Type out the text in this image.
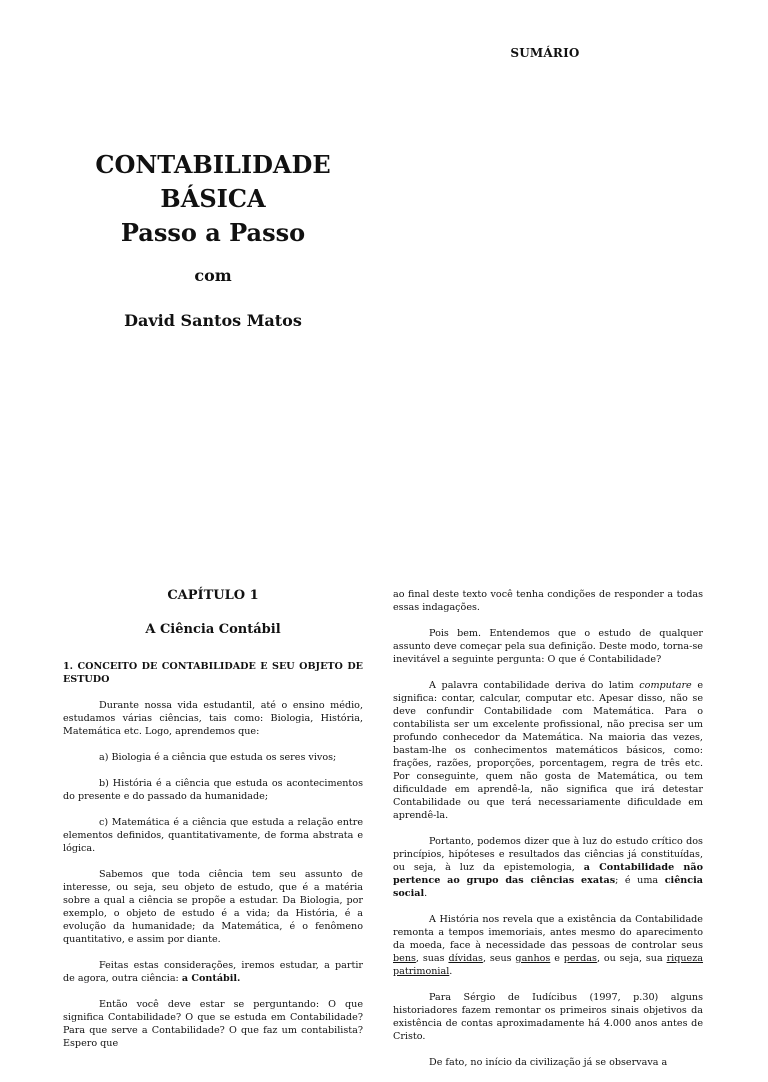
SUMÁRIO
CONTABILIDADE
BÁSICA
Passo a Passo
com
David Santos Matos
CAPÍTULO 1
A Ciência Contábil
1. CONCEITO DE CONTABILIDADE E SEU OBJETO DE ESTUDO

Durante nossa vida estudantil, até o ensino médio, estudamos várias ciências, tais como: Biologia, História, Matemática etc. Logo, aprendemos que:

a) Biologia é a ciência que estuda os seres vivos;

b) História é a ciência que estuda os acontecimentos do presente e do passado da humanidade;

c) Matemática é a ciência que estuda a relação entre elementos definidos, quantitativamente, de forma abstrata e lógica.

Sabemos que toda ciência tem seu assunto de interesse, ou seja, seu objeto de estudo, que é a matéria sobre a qual a ciência se propõe a estudar. Da Biologia, por exemplo, o objeto de estudo é a vida; da História, é a evolução da humanidade; da Matemática, é o fenômeno quantitativo, e assim por diante.

Feitas estas considerações, iremos estudar, a partir de agora, outra ciência: a Contábil.

Então você deve estar se perguntando: O que significa Contabilidade? O que se estuda em Contabilidade? Para que serve a Contabilidade? O que faz um contabilista? Espero que

ao final deste texto você tenha condições de responder a todas essas indagações.

Pois bem. Entendemos que o estudo de qualquer assunto deve começar pela sua definição. Deste modo, torna-se inevitável a seguinte pergunta: O que é Contabilidade?

A palavra contabilidade deriva do latim computare e significa: contar, calcular, computar etc. Apesar disso, não se deve confundir Contabilidade com Matemática. Para o contabilista ser um excelente profissional, não precisa ser um profundo conhecedor da Matemática. Na maioria das vezes, bastam-lhe os conhecimentos matemáticos básicos, como: frações, razões, proporções, porcentagem, regra de três etc. Por conseguinte, quem não gosta de Matemática, ou tem dificuldade em aprendê-la, não significa que irá detestar Contabilidade ou que terá necessariamente dificuldade em aprendê-la.

Portanto, podemos dizer que à luz do estudo crítico dos princípios, hipóteses e resultados das ciências já constituídas, ou seja, à luz da epistemologia, a Contabilidade não pertence ao grupo das ciências exatas; é uma ciência social.

A História nos revela que a existência da Contabilidade remonta a tempos imemoriais, antes mesmo do aparecimento da moeda, face à necessidade das pessoas de controlar seus bens, suas dívidas, seus ganhos e perdas, ou seja, sua riqueza patrimonial.

Para Sérgio de Iudícibus (1997, p.30) alguns historiadores fazem remontar os primeiros sinais objetivos da existência de contas aproximadamente há 4.000 anos antes de Cristo.

De fato, no início da civilização já se observava a
